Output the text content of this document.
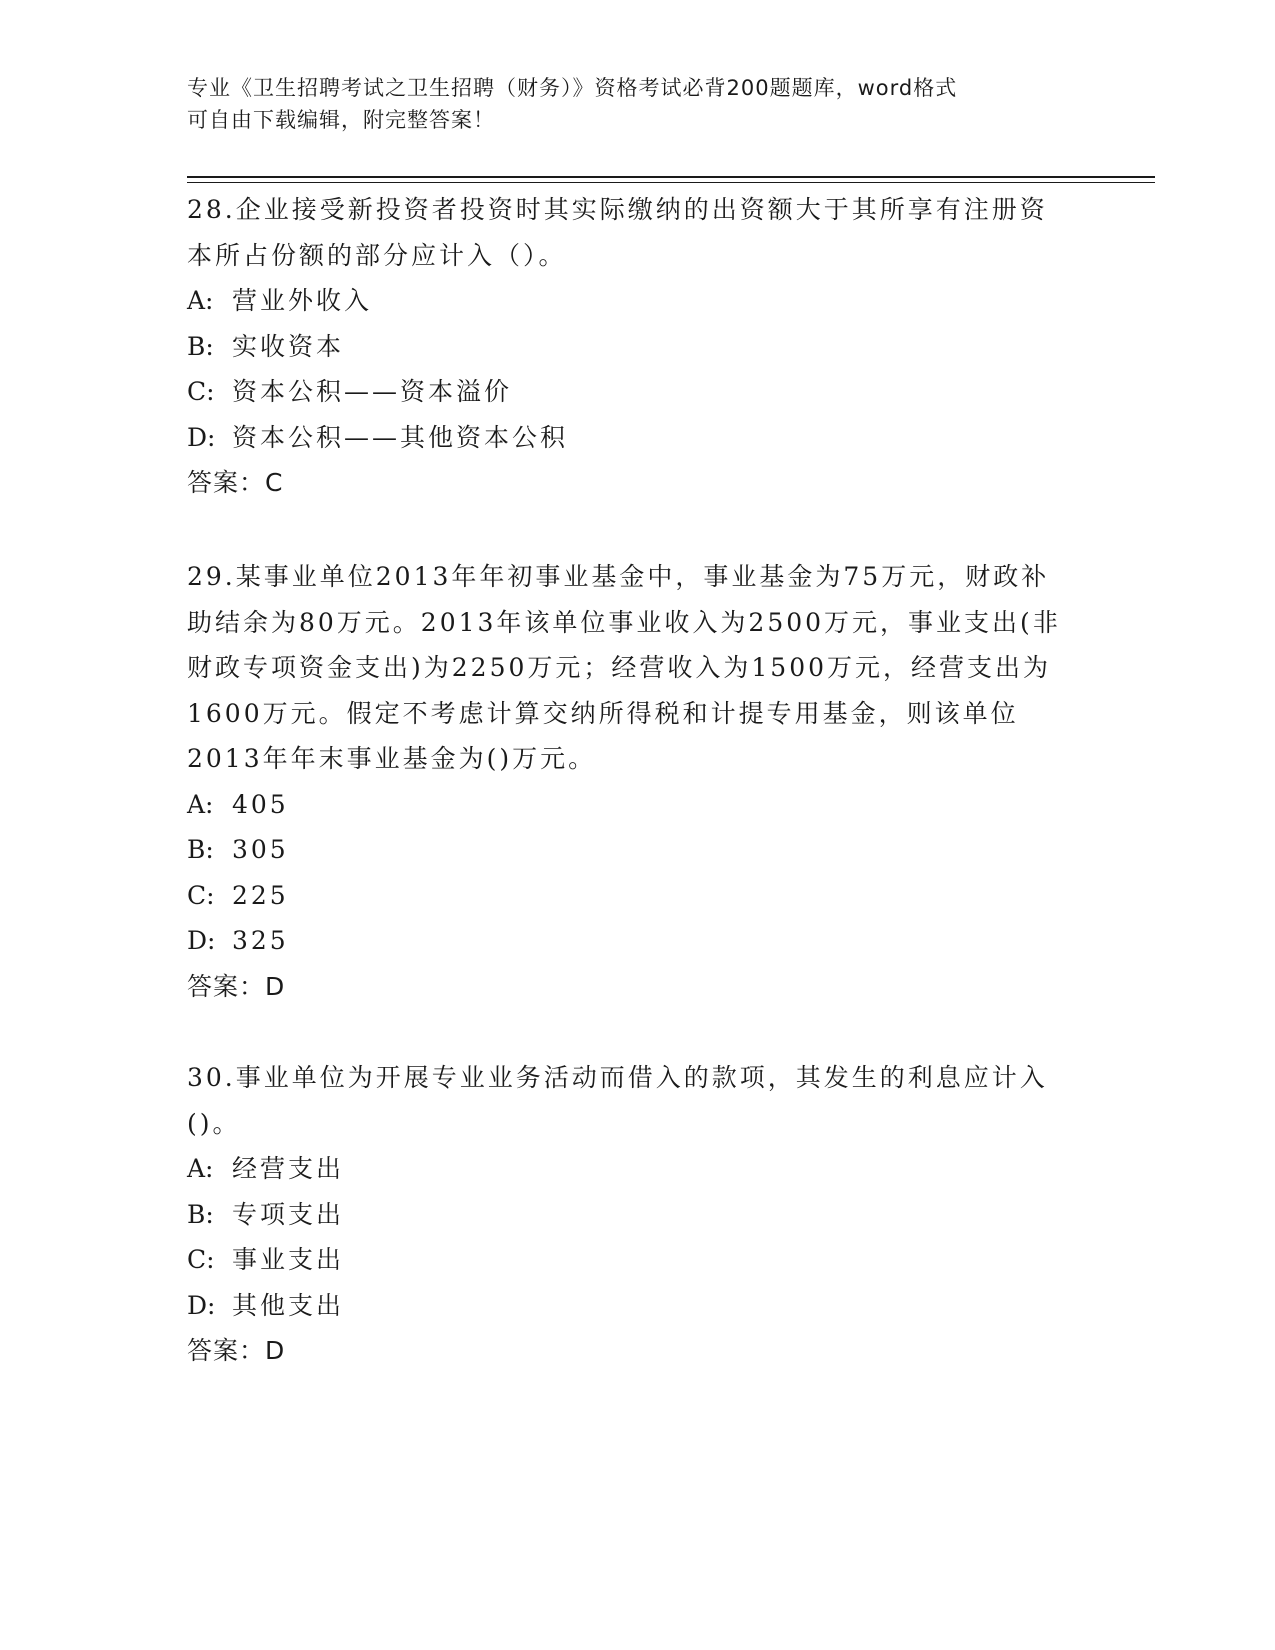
专业《卫生招聘考试之卫生招聘（财务）》资格考试必背200题题库，word格式
可自由下载编辑，附完整答案！
28.企业接受新投资者投资时其实际缴纳的出资额大于其所享有注册资
本所占份额的部分应计入（）。
A: 营业外收入
B: 实收资本
C: 资本公积——资本溢价
D: 资本公积——其他资本公积
答案：C
29.某事业单位2013年年初事业基金中，事业基金为75万元，财政补
助结余为80万元。2013年该单位事业收入为2500万元，事业支出(非
财政专项资金支出)为2250万元；经营收入为1500万元，经营支出为
1600万元。假定不考虑计算交纳所得税和计提专用基金，则该单位
2013年年末事业基金为()万元。
A: 405
B: 305
C: 225
D: 325
答案：D
30.事业单位为开展专业业务活动而借入的款项，其发生的利息应计入
()。
A: 经营支出
B: 专项支出
C: 事业支出
D: 其他支出
答案：D
